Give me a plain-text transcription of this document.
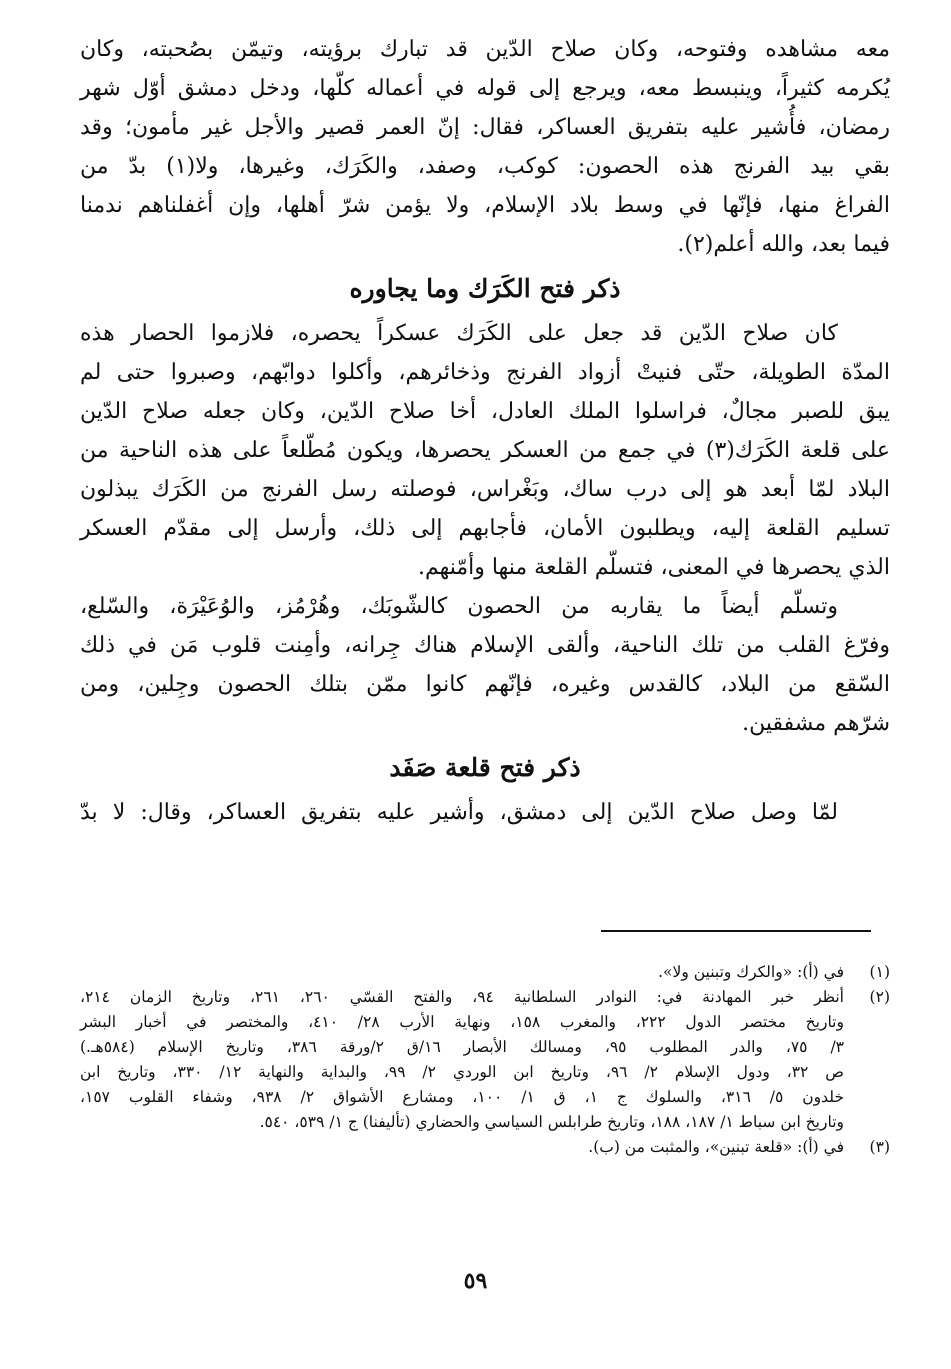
معه مشاهده وفتوحه، وكان صلاح الدّين قد تبارك برؤيته، وتيمّن بصُحبته، وكان
يُكرمه كثيراً، وينبسط معه، ويرجع إلى قوله في أعماله كلّها، ودخل دمشق أوّل شهر
رمضان، فأُشير عليه بتفريق العساكر، فقال: إنّ العمر قصير والأجل غير مأمون؛ وقد
بقي بيد الفرنج هذه الحصون: كوكب، وصفد، والكَرَك، وغيرها، ولا(١) بدّ من
الفراغ منها، فإنّها في وسط بلاد الإسلام، ولا يؤمن شرّ أهلها، وإن أغفلناهم ندمنا
فيما بعد، والله أعلم(٢).
ذكر فتح الكَرَك وما يجاوره
كان صلاح الدّين قد جعل على الكَرَك عسكراً يحصره، فلازموا الحصار هذه
المدّة الطويلة، حتّى فنيتْ أزواد الفرنج وذخائرهم، وأكلوا دوابّهم، وصبروا حتى لم
يبق للصبر مجالٌ، فراسلوا الملك العادل، أخا صلاح الدّين، وكان جعله صلاح الدّين
على قلعة الكَرَك(٣) في جمع من العسكر يحصرها، ويكون مُطّلعاً على هذه الناحية من
البلاد لمّا أبعد هو إلى درب ساك، وبَغْراس، فوصلته رسل الفرنج من الكَرَك يبذلون
تسليم القلعة إليه، ويطلبون الأمان، فأجابهم إلى ذلك، وأرسل إلى مقدّم العسكر
الذي يحصرها في المعنى، فتسلّم القلعة منها وأمّنهم.
وتسلّم أيضاً ما يقاربه من الحصون كالشّوبَك، وهُرْمُز، والوُعَيْرَة، والسّلع،
وفرّغ القلب من تلك الناحية، وألقى الإسلام هناك جِرانه، وأمِنت قلوب مَن في ذلك
السّقع من البلاد، كالقدس وغيره، فإنّهم كانوا ممّن بتلك الحصون وجِلين، ومن
شرّهم مشفقين.
ذكر فتح قلعة صَفَد
لمّا وصل صلاح الدّين إلى دمشق، وأشير عليه بتفريق العساكر، وقال: لا بدّ
(١)
في (أ): «والكرك وتبنين ولا».
(٢)
أنظر خبر المهادنة في: النوادر السلطانية ٩٤، والفتح القسّي ٢٦٠، ٢٦١، وتاريخ الزمان ٢١٤،
وتاريخ مختصر الدول ٢٢٢، والمغرب ١٥٨، ونهاية الأرب ٢٨/ ٤١٠، والمختصر في أخبار البشر
٣/ ٧٥، والدر المطلوب ٩٥، ومسالك الأبصار ١٦/ق ٢/ورقة ٣٨٦، وتاريخ الإسلام (٥٨٤هـ.)
ص ٣٢، ودول الإسلام ٢/ ٩٦، وتاريخ ابن الوردي ٢/ ٩٩، والبداية والنهاية ١٢/ ٣٣٠، وتاريخ ابن
خلدون ٥/ ٣١٦، والسلوك ج ١، ق ١/ ١٠٠، ومشارع الأشواق ٢/ ٩٣٨، وشفاء القلوب ١٥٧،
وتاريخ ابن سباط ١/ ١٨٧، ١٨٨، وتاريخ طرابلس السياسي والحضاري (تأليفنا) ج ١/ ٥٣٩، ٥٤٠.
(٣)
في (أ): «قلعة تبنين»، والمثبت من (ب).
٥٩
